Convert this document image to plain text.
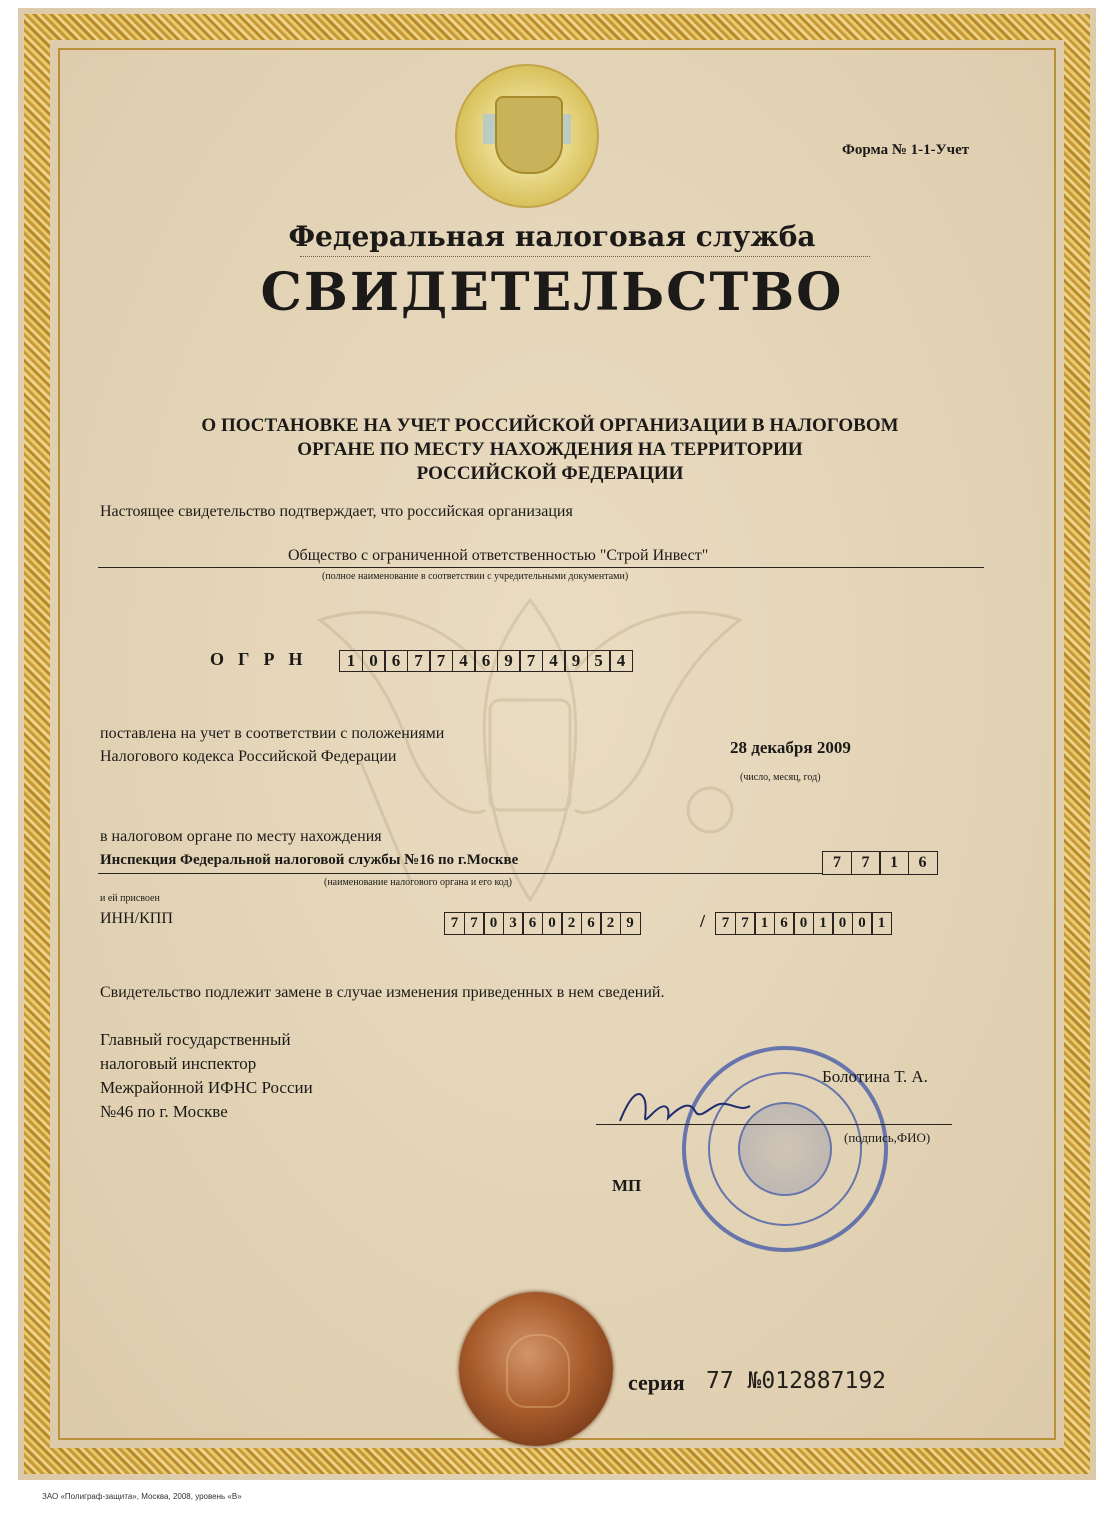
Форма № 1-1-Учет
Федеральная налоговая служба
СВИДЕТЕЛЬСТВО
О ПОСТАНОВКЕ НА УЧЕТ РОССИЙСКОЙ ОРГАНИЗАЦИИ В НАЛОГОВОМ
ОРГАНЕ ПО МЕСТУ НАХОЖДЕНИЯ НА ТЕРРИТОРИИ
РОССИЙСКОЙ ФЕДЕРАЦИИ
Настоящее свидетельство подтверждает, что российская организация
Общество с ограниченной ответственностью "Строй Инвест"
(полное наименование в соответствии с учредительными документами)
ОГРН	1 0 6 7 7 4 6 9 7 4 9 5 4
поставлена на учет в соответствии с положениями
Налогового кодекса Российской Федерации	28 декабря 2009
(число, месяц, год)
в налоговом органе по месту нахождения
Инспекция Федеральной налоговой службы №16 по г.Москве
(наименование налогового органа и его код)
7	7	1	6
и ей присвоен
ИНН/КПП	7 7 0 3 6 0 2 6 2 9	/	7 7 1 6 0 1 0 0 1
Свидетельство подлежит замене в случае изменения приведенных в нем сведений.
Главный государственный
налоговый инспектор
Межрайонной ИФНС России
№46 по г. Москве
Болотина Т. А.
(подпись,ФИО)
МП
серия 77 №012887192
ЗАО «Полиграф-защита», Москва, 2008, уровень «В»
